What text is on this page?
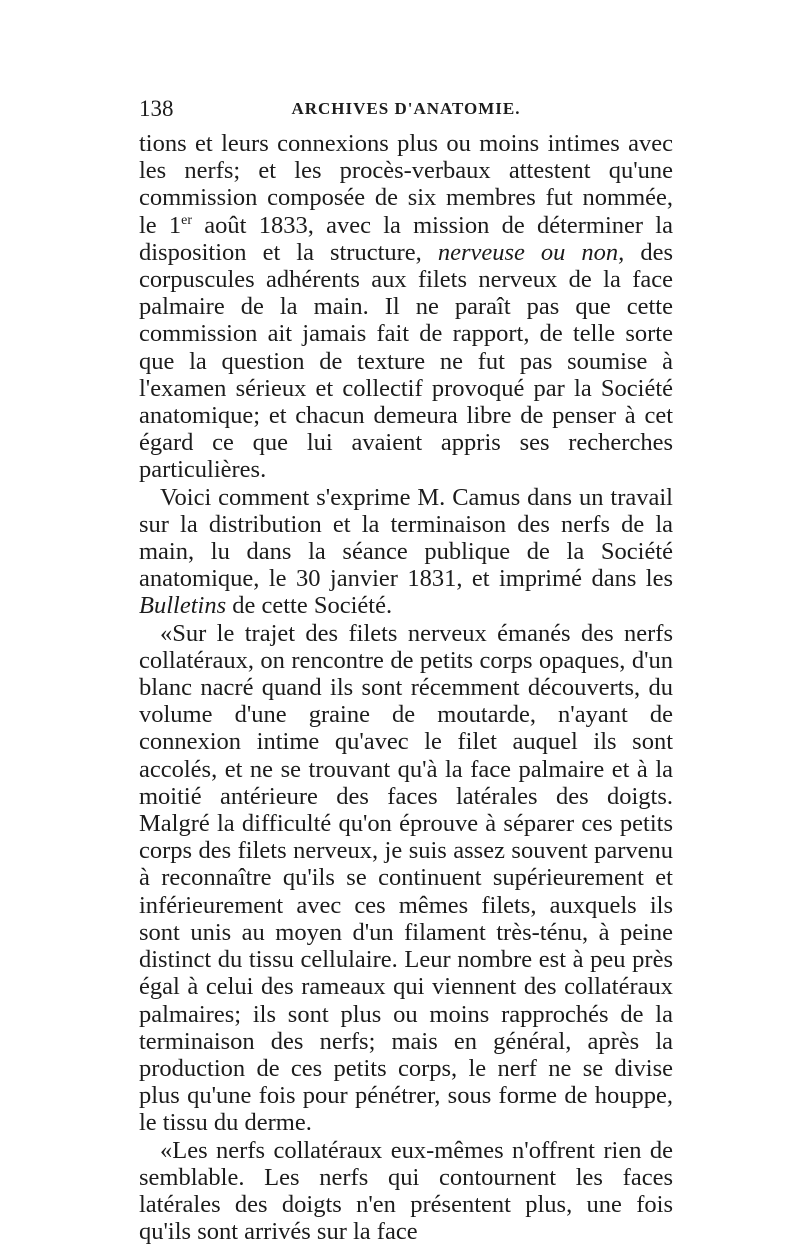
138	ARCHIVES D'ANATOMIE.

tions et leurs connexions plus ou moins intimes avec les nerfs; et les procès-verbaux attestent qu'une commission composée de six membres fut nommée, le 1er août 1833, avec la mission de déterminer la disposition et la structure, nerveuse ou non, des corpuscules adhérents aux filets nerveux de la face palmaire de la main. Il ne paraît pas que cette commission ait jamais fait de rapport, de telle sorte que la question de texture ne fut pas soumise à l'examen sérieux et collectif provoqué par la Société anatomique; et chacun demeura libre de penser à cet égard ce que lui avaient appris ses recherches particulières.

Voici comment s'exprime M. Camus dans un travail sur la distribution et la terminaison des nerfs de la main, lu dans la séance publique de la Société anatomique, le 30 janvier 1831, et imprimé dans les Bulletins de cette Société.

«Sur le trajet des filets nerveux émanés des nerfs collatéraux, on rencontre de petits corps opaques, d'un blanc nacré quand ils sont récemment découverts, du volume d'une graine de moutarde, n'ayant de connexion intime qu'avec le filet auquel ils sont accolés, et ne se trouvant qu'à la face palmaire et à la moitié antérieure des faces latérales des doigts. Malgré la difficulté qu'on éprouve à séparer ces petits corps des filets nerveux, je suis assez souvent parvenu à reconnaître qu'ils se continuent supérieurement et inférieurement avec ces mêmes filets, auxquels ils sont unis au moyen d'un filament très-ténu, à peine distinct du tissu cellulaire. Leur nombre est à peu près égal à celui des rameaux qui viennent des collatéraux palmaires; ils sont plus ou moins rapprochés de la terminaison des nerfs; mais en général, après la production de ces petits corps, le nerf ne se divise plus qu'une fois pour pénétrer, sous forme de houppe, le tissu du derme.

«Les nerfs collatéraux eux-mêmes n'offrent rien de semblable. Les nerfs qui contournent les faces latérales des doigts n'en présentent plus, une fois qu'ils sont arrivés sur la face
